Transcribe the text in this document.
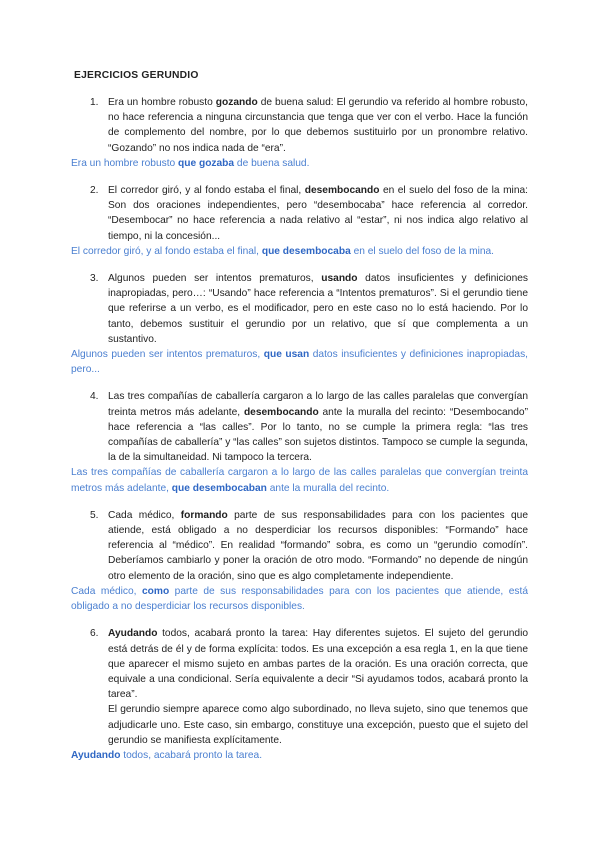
EJERCICIOS GERUNDIO
1. Era un hombre robusto gozando de buena salud: El gerundio va referido al hombre robusto, no hace referencia a ninguna circunstancia que tenga que ver con el verbo. Hace la función de complemento del nombre, por lo que debemos sustituirlo por un pronombre relativo. “Gozando” no nos indica nada de “era”.

Era un hombre robusto que gozaba de buena salud.

2. El corredor giró, y al fondo estaba el final, desembocando en el suelo del foso de la mina: Son dos oraciones independientes, pero “desembocaba” hace referencia al corredor. “Desembocar” no hace referencia a nada relativo al “estar”, ni nos indica algo relativo al tiempo, ni la concesión...

El corredor giró, y al fondo estaba el final, que desembocaba en el suelo del foso de la mina.

3. Algunos pueden ser intentos prematuros, usando datos insuficientes y definiciones inapropiadas, pero…: “Usando” hace referencia a “Intentos prematuros”. Si el gerundio tiene que referirse a un verbo, es el modificador, pero en este caso no lo está haciendo. Por lo tanto, debemos sustituir el gerundio por un relativo, que sí que complementa a un sustantivo.

Algunos pueden ser intentos prematuros, que usan datos insuficientes y definiciones inapropiadas, pero...

4. Las tres compañías de caballería cargaron a lo largo de las calles paralelas que convergían treinta metros más adelante, desembocando ante la muralla del recinto: “Desembocando” hace referencia a “las calles”. Por lo tanto, no se cumple la primera regla: “las tres compañías de caballería” y “las calles” son sujetos distintos. Tampoco se cumple la segunda, la de la simultaneidad. Ni tampoco la tercera.

Las tres compañías de caballería cargaron a lo largo de las calles paralelas que convergían treinta metros más adelante, que desembocaban ante la muralla del recinto.

5. Cada médico, formando parte de sus responsabilidades para con los pacientes que atiende, está obligado a no desperdiciar los recursos disponibles: “Formando” hace referencia al “médico”. En realidad “formando” sobra, es como un “gerundio comodín”. Deberíamos cambiarlo y poner la oración de otro modo. “Formando” no depende de ningún otro elemento de la oración, sino que es algo completamente independiente.

Cada médico, como parte de sus responsabilidades para con los pacientes que atiende, está obligado a no desperdiciar los recursos disponibles.

6. Ayudando todos, acabará pronto la tarea: Hay diferentes sujetos. El sujeto del gerundio está detrás de él y de forma explícita: todos. Es una excepción a esa regla 1, en la que tiene que aparecer el mismo sujeto en ambas partes de la oración. Es una oración correcta, que equivale a una condicional. Sería equivalente a decir “Si ayudamos todos, acabará pronto la tarea”.

El gerundio siempre aparece como algo subordinado, no lleva sujeto, sino que tenemos que adjudicarle uno. Este caso, sin embargo, constituye una excepción, puesto que el sujeto del gerundio se manifiesta explícitamente.

Ayudando todos, acabará pronto la tarea.
